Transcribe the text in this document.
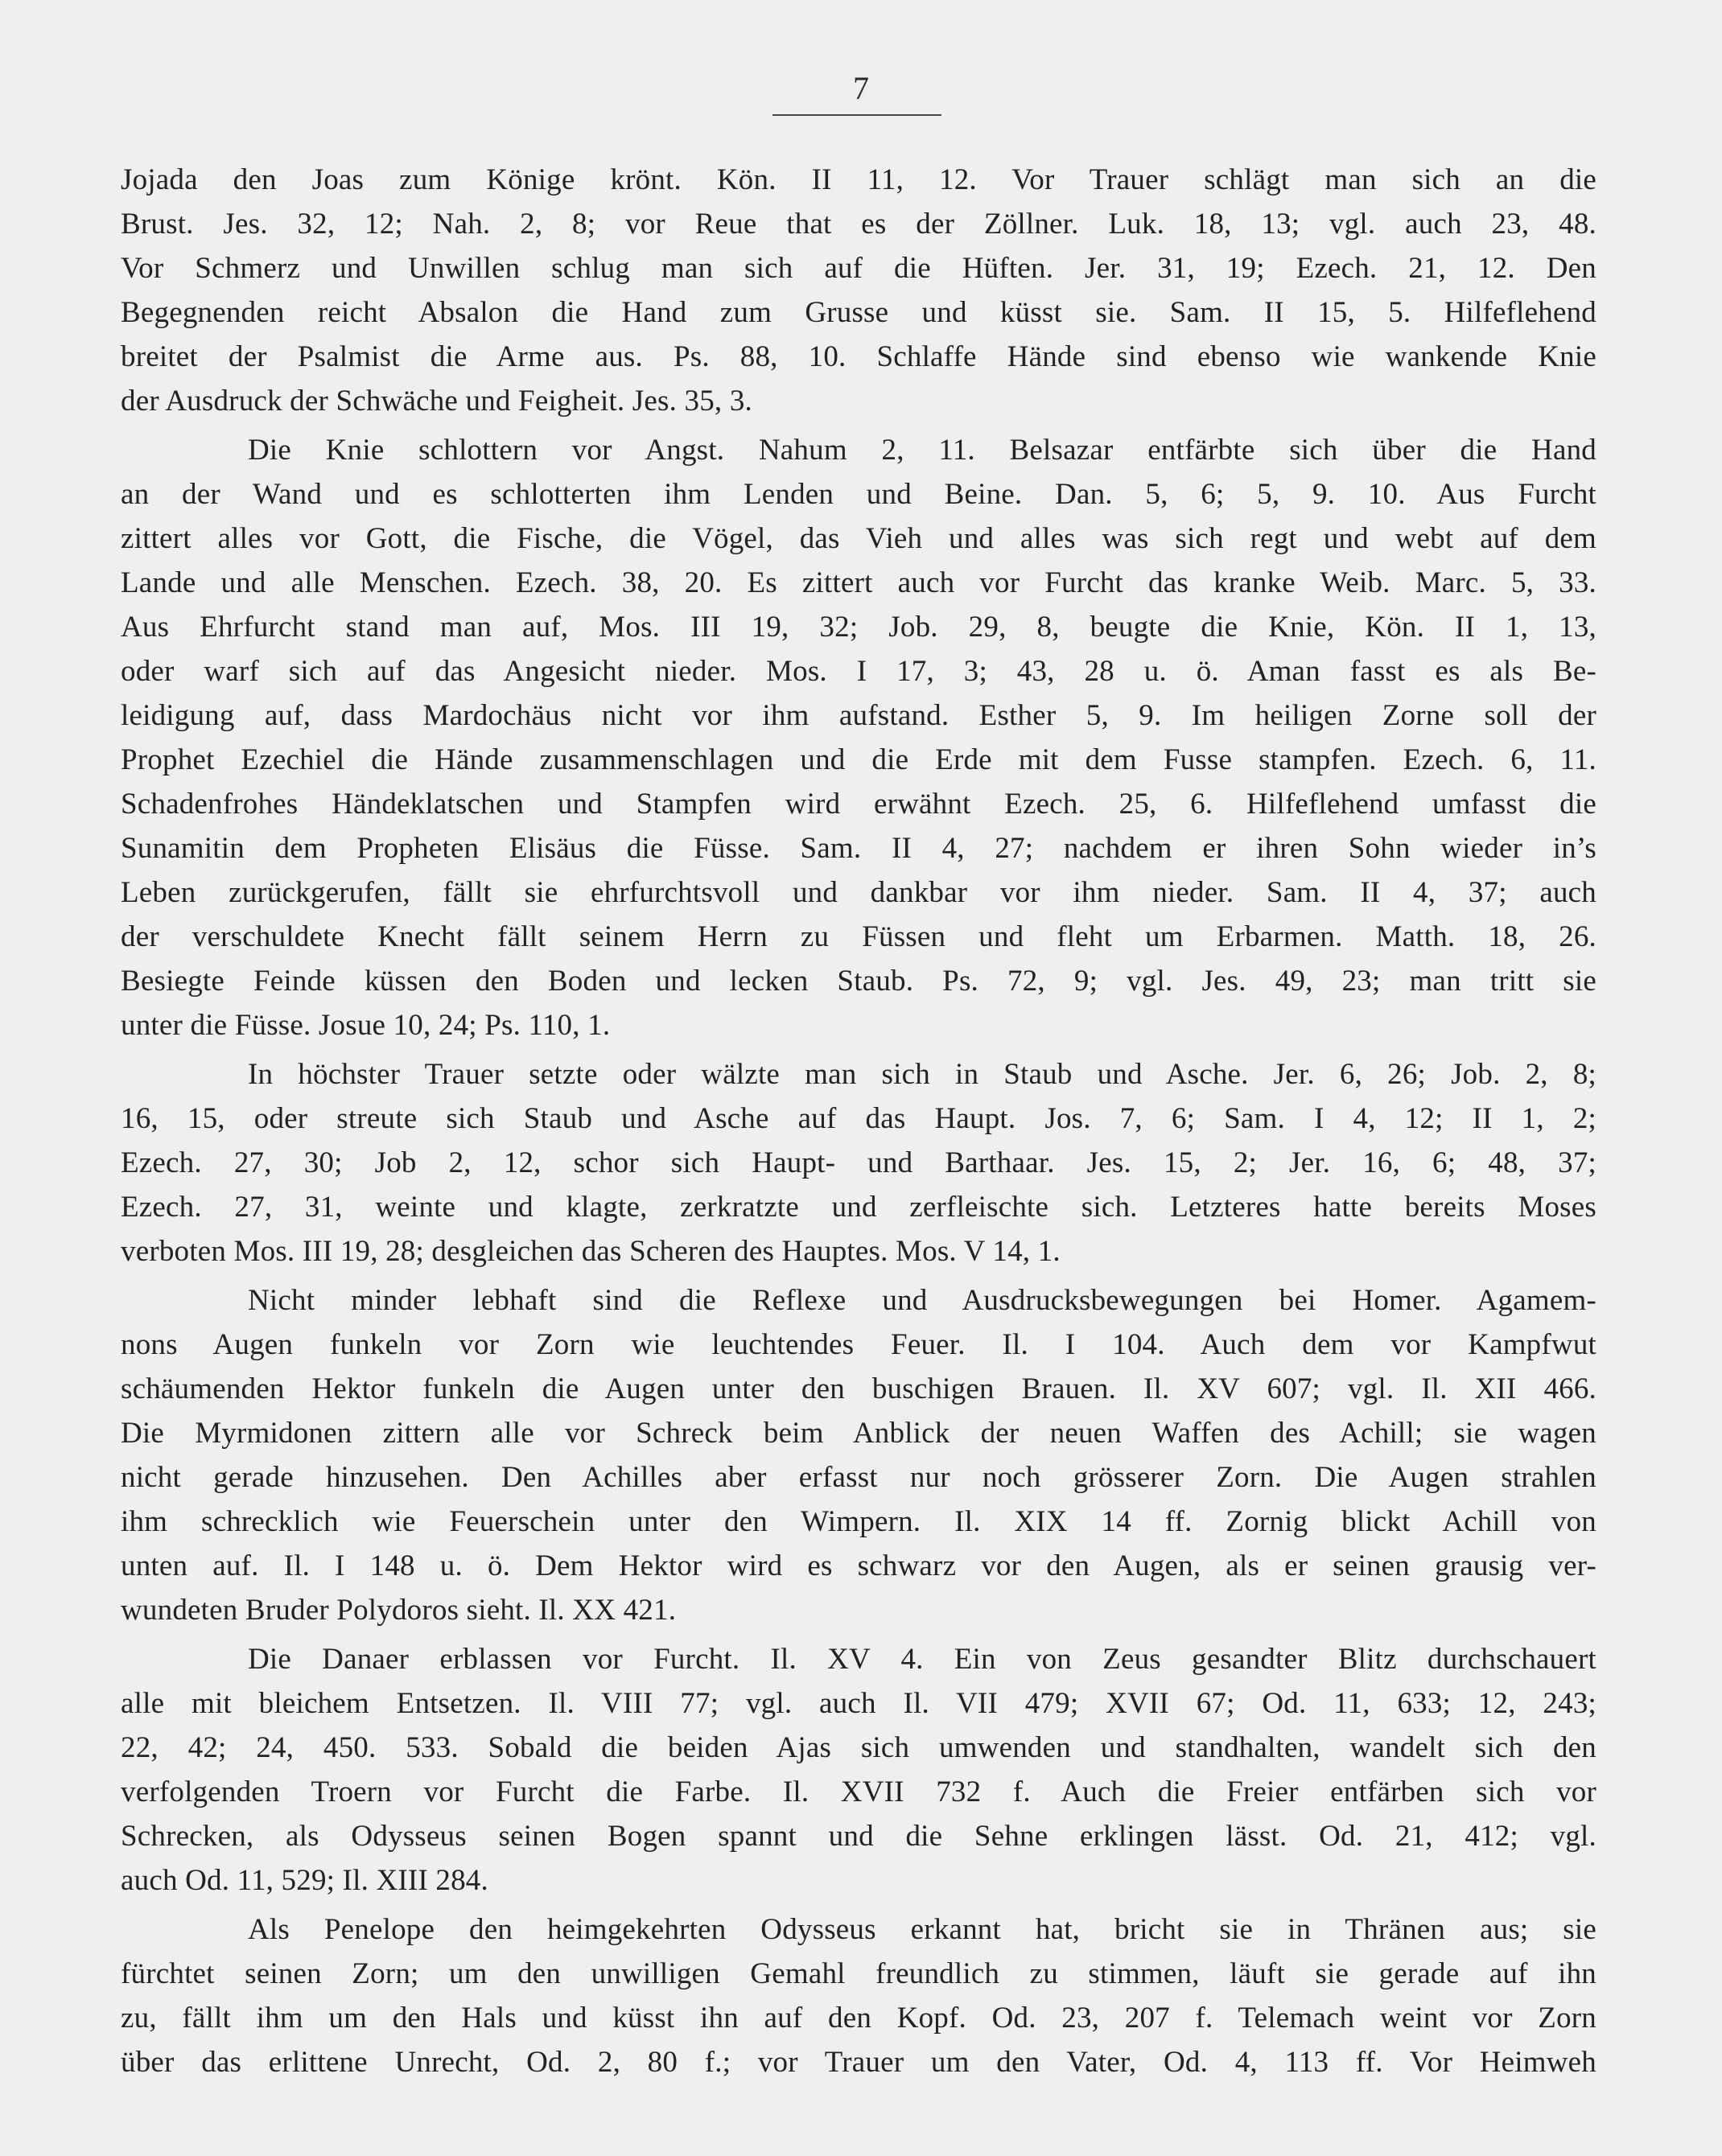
7
Jojada den Joas zum Könige krönt. Kön. II 11, 12. Vor Trauer schlägt man sich an die
Brust. Jes. 32, 12; Nah. 2, 8; vor Reue that es der Zöllner. Luk. 18, 13; vgl. auch 23, 48.
Vor Schmerz und Unwillen schlug man sich auf die Hüften. Jer. 31, 19; Ezech. 21, 12. Den
Begegnenden reicht Absalon die Hand zum Grusse und küsst sie. Sam. II 15, 5. Hilfeflehend
breitet der Psalmist die Arme aus. Ps. 88, 10. Schlaffe Hände sind ebenso wie wankende Knie
der Ausdruck der Schwäche und Feigheit. Jes. 35, 3.
Die Knie schlottern vor Angst. Nahum 2, 11. Belsazar entfärbte sich über die Hand
an der Wand und es schlotterten ihm Lenden und Beine. Dan. 5, 6; 5, 9. 10. Aus Furcht
zittert alles vor Gott, die Fische, die Vögel, das Vieh und alles was sich regt und webt auf dem
Lande und alle Menschen. Ezech. 38, 20. Es zittert auch vor Furcht das kranke Weib. Marc. 5, 33.
Aus Ehrfurcht stand man auf, Mos. III 19, 32; Job. 29, 8, beugte die Knie, Kön. II 1, 13,
oder warf sich auf das Angesicht nieder. Mos. I 17, 3; 43, 28 u. ö. Aman fasst es als Be-
leidigung auf, dass Mardochäus nicht vor ihm aufstand. Esther 5, 9. Im heiligen Zorne soll der
Prophet Ezechiel die Hände zusammenschlagen und die Erde mit dem Fusse stampfen. Ezech. 6, 11.
Schadenfrohes Händeklatschen und Stampfen wird erwähnt Ezech. 25, 6. Hilfeflehend umfasst die
Sunamitin dem Propheten Elisäus die Füsse. Sam. II 4, 27; nachdem er ihren Sohn wieder in’s
Leben zurückgerufen, fällt sie ehrfurchtsvoll und dankbar vor ihm nieder. Sam. II 4, 37; auch
der verschuldete Knecht fällt seinem Herrn zu Füssen und fleht um Erbarmen. Matth. 18, 26.
Besiegte Feinde küssen den Boden und lecken Staub. Ps. 72, 9; vgl. Jes. 49, 23; man tritt sie
unter die Füsse. Josue 10, 24; Ps. 110, 1.
In höchster Trauer setzte oder wälzte man sich in Staub und Asche. Jer. 6, 26; Job. 2, 8;
16, 15, oder streute sich Staub und Asche auf das Haupt. Jos. 7, 6; Sam. I 4, 12; II 1, 2;
Ezech. 27, 30; Job 2, 12, schor sich Haupt- und Barthaar. Jes. 15, 2; Jer. 16, 6; 48, 37;
Ezech. 27, 31, weinte und klagte, zerkratzte und zerfleischte sich. Letzteres hatte bereits Moses
verboten Mos. III 19, 28; desgleichen das Scheren des Hauptes. Mos. V 14, 1.
Nicht minder lebhaft sind die Reflexe und Ausdrucksbewegungen bei Homer. Agamem-
nons Augen funkeln vor Zorn wie leuchtendes Feuer. Il. I 104. Auch dem vor Kampfwut
schäumenden Hektor funkeln die Augen unter den buschigen Brauen. Il. XV 607; vgl. Il. XII 466.
Die Myrmidonen zittern alle vor Schreck beim Anblick der neuen Waffen des Achill; sie wagen
nicht gerade hinzusehen. Den Achilles aber erfasst nur noch grösserer Zorn. Die Augen strahlen
ihm schrecklich wie Feuerschein unter den Wimpern. Il. XIX 14 ff. Zornig blickt Achill von
unten auf. Il. I 148 u. ö. Dem Hektor wird es schwarz vor den Augen, als er seinen grausig ver-
wundeten Bruder Polydoros sieht. Il. XX 421.
Die Danaer erblassen vor Furcht. Il. XV 4. Ein von Zeus gesandter Blitz durchschauert
alle mit bleichem Entsetzen. Il. VIII 77; vgl. auch Il. VII 479; XVII 67; Od. 11, 633; 12, 243;
22, 42; 24, 450. 533. Sobald die beiden Ajas sich umwenden und standhalten, wandelt sich den
verfolgenden Troern vor Furcht die Farbe. Il. XVII 732 f. Auch die Freier entfärben sich vor
Schrecken, als Odysseus seinen Bogen spannt und die Sehne erklingen lässt. Od. 21, 412; vgl.
auch Od. 11, 529; Il. XIII 284.
Als Penelope den heimgekehrten Odysseus erkannt hat, bricht sie in Thränen aus; sie
fürchtet seinen Zorn; um den unwilligen Gemahl freundlich zu stimmen, läuft sie gerade auf ihn
zu, fällt ihm um den Hals und küsst ihn auf den Kopf. Od. 23, 207 f. Telemach weint vor Zorn
über das erlittene Unrecht, Od. 2, 80 f.; vor Trauer um den Vater, Od. 4, 113 ff. Vor Heimweh
